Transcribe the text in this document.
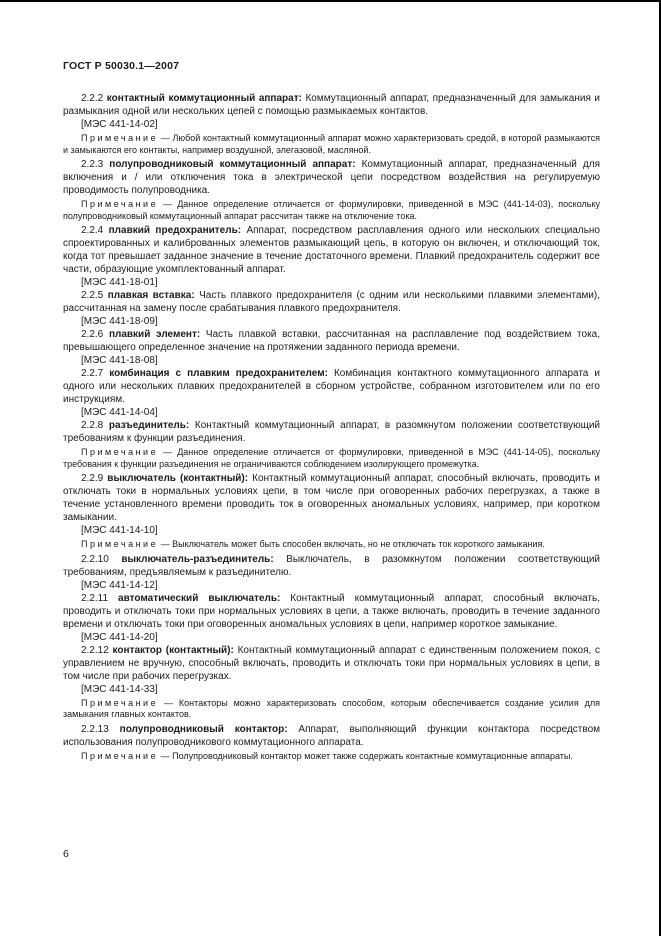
ГОСТ Р 50030.1—2007

2.2.2 контактный коммутационный аппарат: Коммутационный аппарат, предназначенный для замыкания и размыкания одной или нескольких цепей с помощью размыкаемых контактов.

[МЭС 441-14-02]

Примечание — Любой контактный коммутационный аппарат можно характеризовать средой, в которой размыкаются и замыкаются его контакты, например воздушной, элегазовой, масляной.

2.2.3 полупроводниковый коммутационный аппарат: Коммутационный аппарат, предназначенный для включения и / или отключения тока в электрической цепи посредством воздействия на регулируемую проводимость полупроводника.

Примечание — Данное определение отличается от формулировки, приведенной в МЭС (441-14-03), поскольку полупроводниковый коммутационный аппарат рассчитан также на отключение тока.

2.2.4 плавкий предохранитель: Аппарат, посредством расплавления одного или нескольких специально спроектированных и калиброванных элементов размыкающий цепь, в которую он включен, и отключающий ток, когда тот превышает заданное значение в течение достаточного времени. Плавкий предохранитель содержит все части, образующие укомплектованный аппарат.

[МЭС 441-18-01]

2.2.5 плавкая вставка: Часть плавкого предохранителя (с одним или несколькими плавкими элементами), рассчитанная на замену после срабатывания плавкого предохранителя.

[МЭС 441-18-09]

2.2.6 плавкий элемент: Часть плавкой вставки, рассчитанная на расплавление под воздействием тока, превышающего определенное значение на протяжении заданного периода времени.

[МЭС 441-18-08]

2.2.7 комбинация с плавким предохранителем: Комбинация контактного коммутационного аппарата и одного или нескольких плавких предохранителей в сборном устройстве, собранном изготовителем или по его инструкциям.

[МЭС 441-14-04]

2.2.8 разъединитель: Контактный коммутационный аппарат, в разомкнутом положении соответствующий требованиям к функции разъединения.

Примечание — Данное определение отличается от формулировки, приведенной в МЭС (441-14-05), поскольку требования к функции разъединения не ограничиваются соблюдением изолирующего промежутка.

2.2.9 выключатель (контактный): Контактный коммутационный аппарат, способный включать, проводить и отключать токи в нормальных условиях цепи, в том числе при оговоренных рабочих перегрузках, а также в течение установленного времени проводить ток в оговоренных аномальных условиях, например, при коротком замыкании.

[МЭС 441-14-10]

Примечание — Выключатель может быть способен включать, но не отключать ток короткого замыкания.

2.2.10 выключатель-разъединитель: Выключатель, в разомкнутом положении соответствующий требованиям, предъявляемым к разъединителю.

[МЭС 441-14-12]

2.2.11 автоматический выключатель: Контактный коммутационный аппарат, способный включать, проводить и отключать токи при нормальных условиях в цепи, а также включать, проводить в течение заданного времени и отключать токи при оговоренных аномальных условиях в цепи, например короткое замыкание.

[МЭС 441-14-20]

2.2.12 контактор (контактный): Контактный коммутационный аппарат с единственным положением покоя, с управлением не вручную, способный включать, проводить и отключать токи при нормальных условиях в цепи, в том числе при рабочих перегрузках.

[МЭС 441-14-33]

Примечание — Контакторы можно характеризовать способом, которым обеспечивается создание усилия для замыкания главных контактов.

2.2.13 полупроводниковый контактор: Аппарат, выполняющий функции контактора посредством использования полупроводникового коммутационного аппарата.

Примечание — Полупроводниковый контактор может также содержать контактные коммутационные аппараты.

6
